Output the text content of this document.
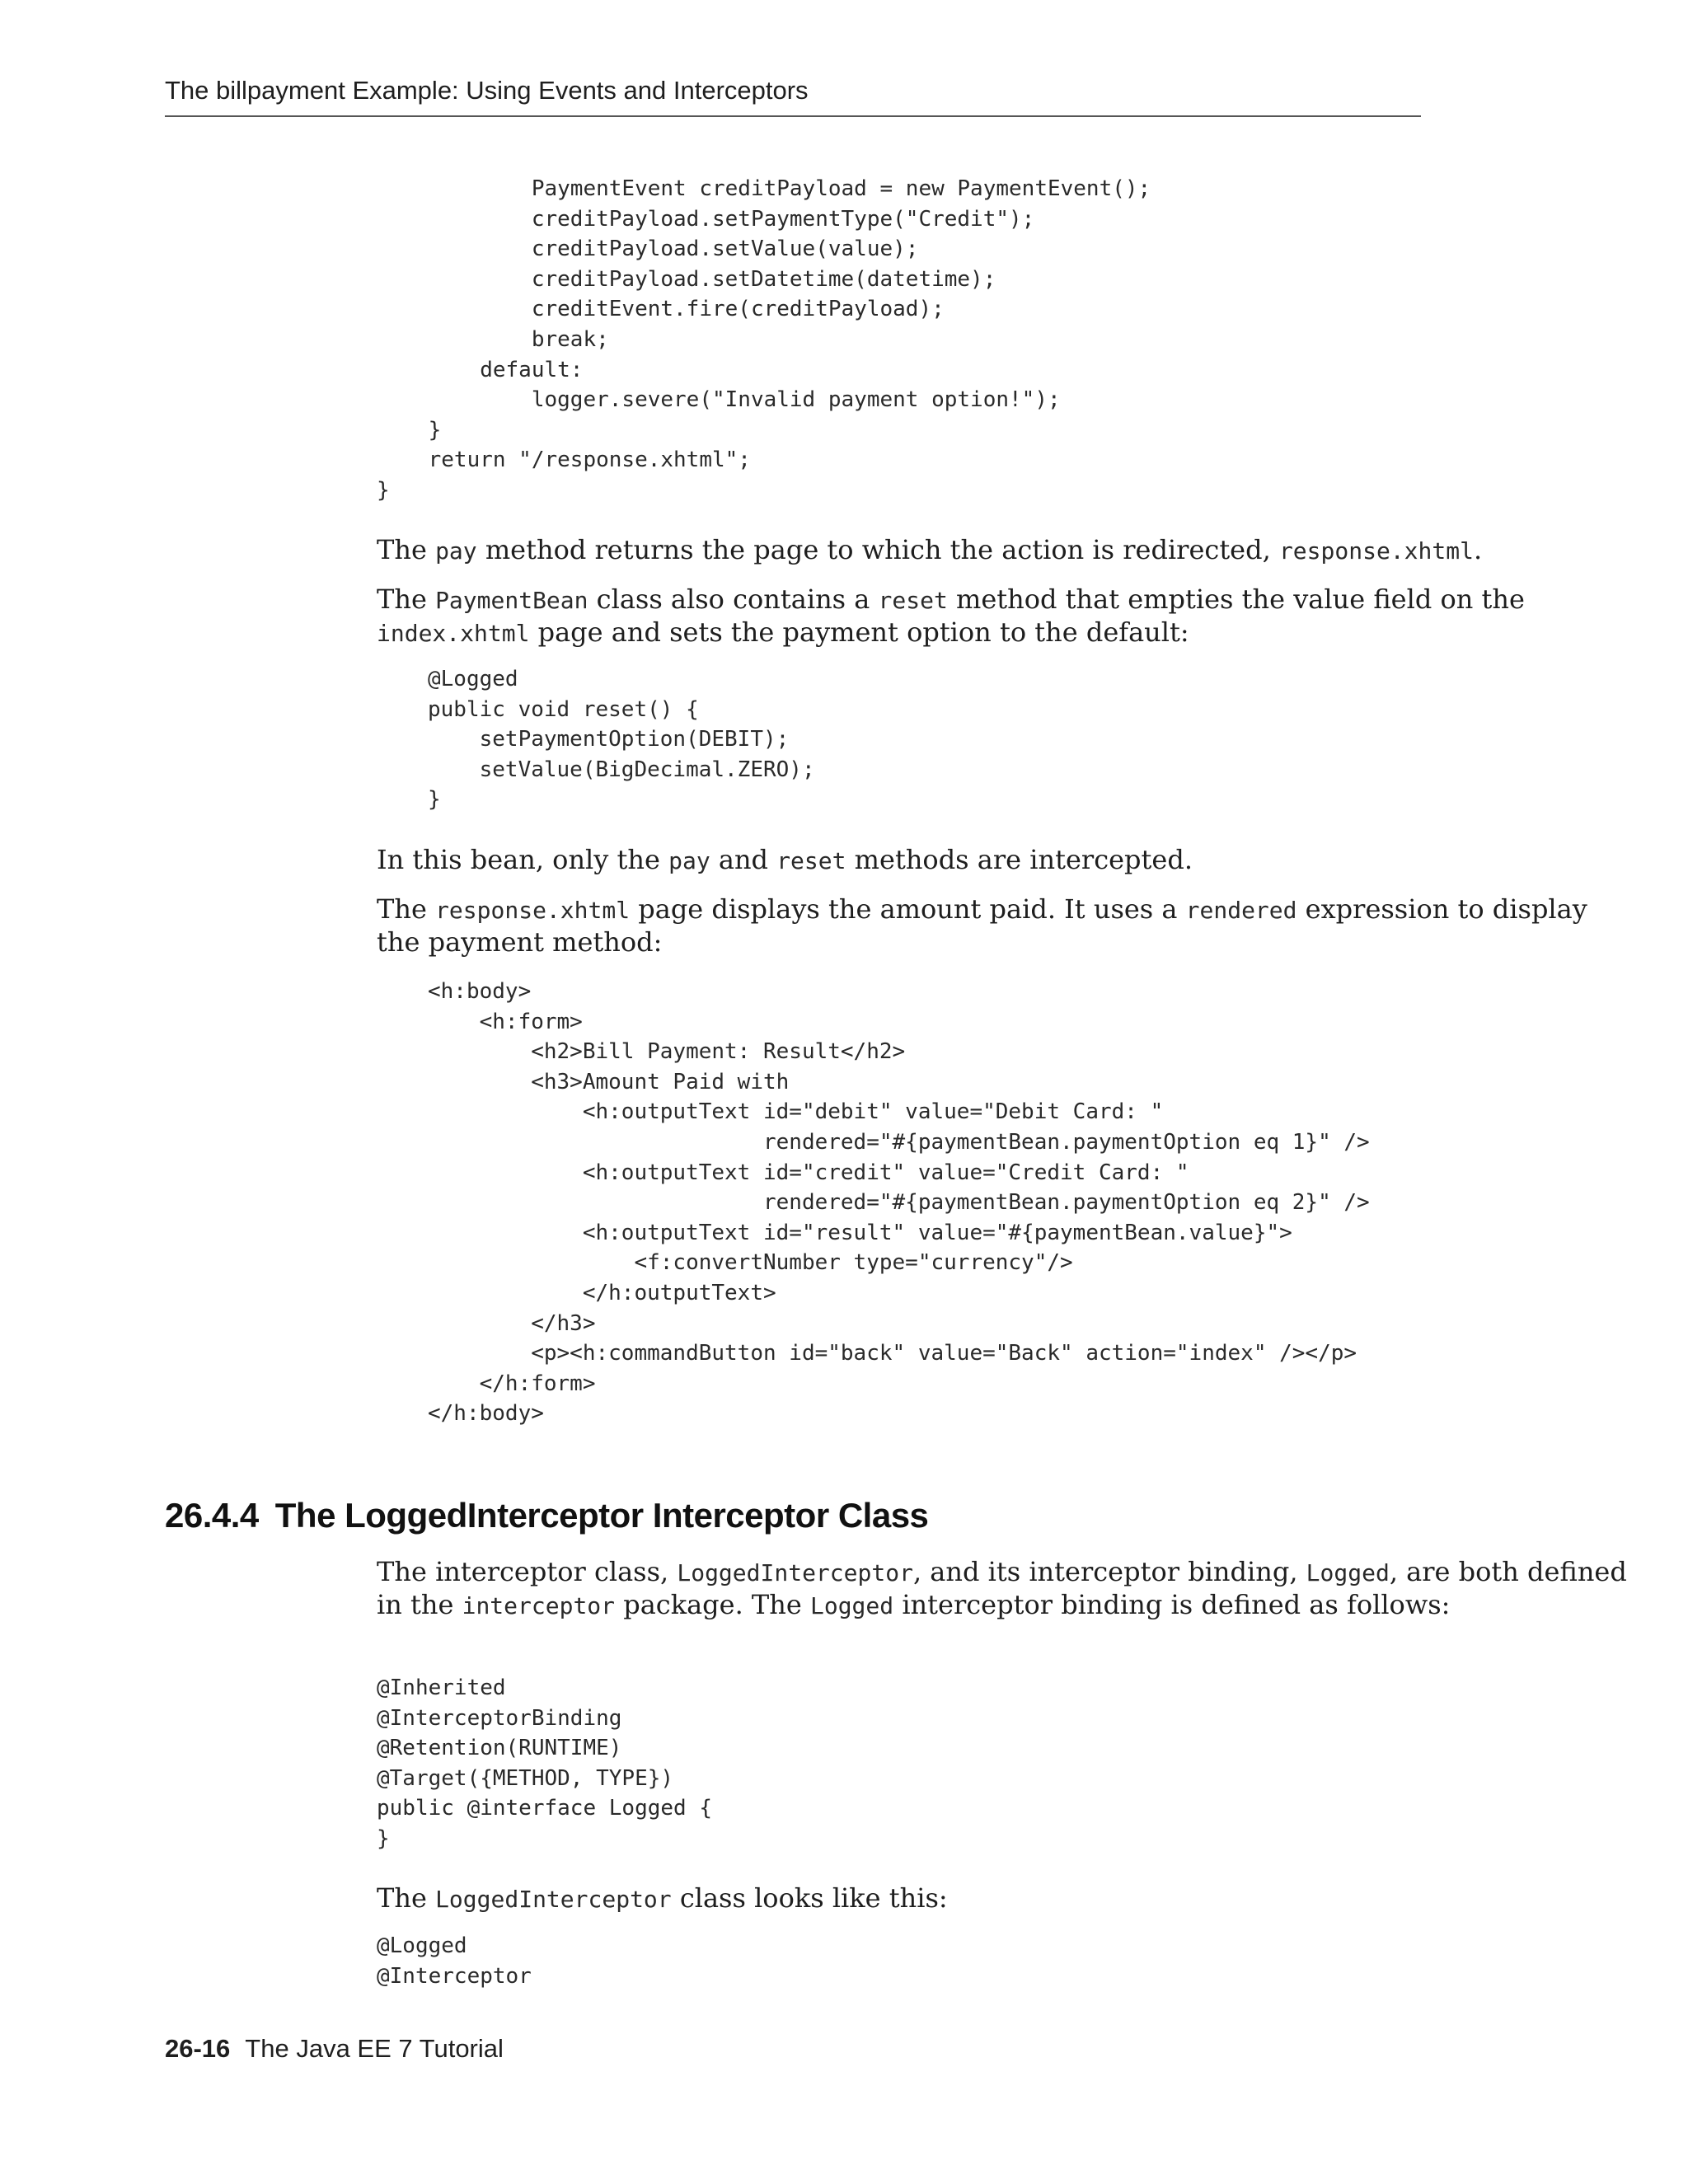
The billpayment Example: Using Events and Interceptors
PaymentEvent creditPayload = new PaymentEvent();
creditPayload.setPaymentType("Credit");
creditPayload.setValue(value);
creditPayload.setDatetime(datetime);
creditEvent.fire(creditPayload);
break;
default:
logger.severe("Invalid payment option!");
}
return "/response.xhtml";
}

The pay method returns the page to which the action is redirected, response.xhtml.

The PaymentBean class also contains a reset method that empties the value field on the index.xhtml page and sets the payment option to the default:

@Logged
public void reset() {
setPaymentOption(DEBIT);
setValue(BigDecimal.ZERO);
}

In this bean, only the pay and reset methods are intercepted.

The response.xhtml page displays the amount paid. It uses a rendered expression to display the payment method:

<h:body>
<h:form>
<h2>Bill Payment: Result</h2>
<h3>Amount Paid with
<h:outputText id="debit" value="Debit Card: "
rendered="#{paymentBean.paymentOption eq 1}" />
<h:outputText id="credit" value="Credit Card: "
rendered="#{paymentBean.paymentOption eq 2}" />
<h:outputText id="result" value="#{paymentBean.value}">
<f:convertNumber type="currency"/>
</h:outputText>
</h3>
<p><h:commandButton id="back" value="Back" action="index" /></p>
</h:form>
</h:body>
26.4.4 The LoggedInterceptor Interceptor Class

The interceptor class, LoggedInterceptor, and its interceptor binding, Logged, are both defined in the interceptor package. The Logged interceptor binding is defined as follows:

@Inherited
@InterceptorBinding
@Retention(RUNTIME)
@Target({METHOD, TYPE})
public @interface Logged {
}

The LoggedInterceptor class looks like this:

@Logged
@Interceptor
26-16 The Java EE 7 Tutorial
